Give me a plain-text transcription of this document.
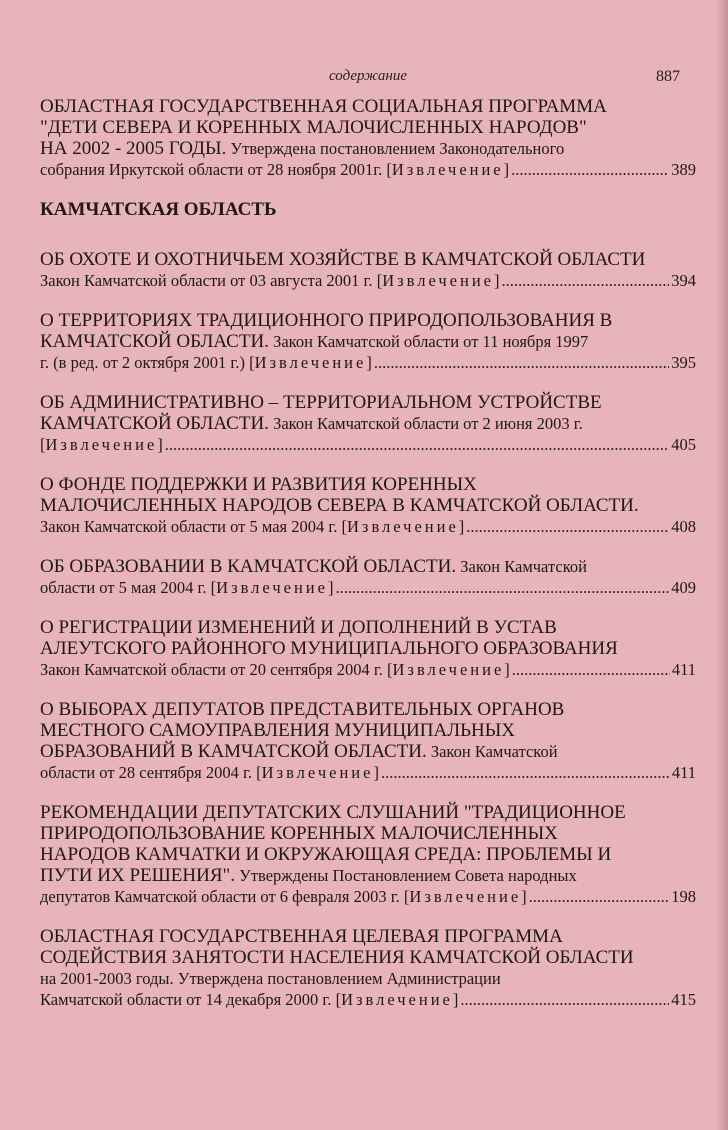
содержание	887
ОБЛАСТНАЯ ГОСУДАРСТВЕННАЯ СОЦИАЛЬНАЯ ПРОГРАММА
"ДЕТИ СЕВЕРА И КОРЕННЫХ МАЛОЧИСЛЕННЫХ НАРОДОВ"
НА 2002 - 2005 ГОДЫ. Утверждена постановлением Законодательного
собрания Иркутской области от 28 ноября 2001г. [Извлечение] .....	389
КАМЧАТСКАЯ ОБЛАСТЬ
ОБ ОХОТЕ И ОХОТНИЧЬЕМ ХОЗЯЙСТВЕ В КАМЧАТСКОЙ ОБЛАСТИ
Закон Камчатской области от 03 августа 2001 г. [Извлечение] .....	394
О ТЕРРИТОРИЯХ ТРАДИЦИОННОГО ПРИРОДОПОЛЬЗОВАНИЯ В
КАМЧАТСКОЙ ОБЛАСТИ. Закон Камчатской области от 11 ноября 1997
г. (в ред. от 2 октября 2001 г.) [Извлечение] .....	395
ОБ АДМИНИСТРАТИВНО – ТЕРРИТОРИАЛЬНОМ УСТРОЙСТВЕ
КАМЧАТСКОЙ ОБЛАСТИ. Закон Камчатской области от 2 июня 2003 г.
[Извлечение] .....	405
О ФОНДЕ ПОДДЕРЖКИ И РАЗВИТИЯ КОРЕННЫХ
МАЛОЧИСЛЕННЫХ НАРОДОВ СЕВЕРА В КАМЧАТСКОЙ ОБЛАСТИ.
Закон Камчатской области от 5 мая 2004 г. [Извлечение] .....	408
ОБ ОБРАЗОВАНИИ В КАМЧАТСКОЙ ОБЛАСТИ. Закон Камчатской
области от 5 мая 2004 г. [Извлечение] .....	409
О РЕГИСТРАЦИИ ИЗМЕНЕНИЙ И ДОПОЛНЕНИЙ В УСТАВ
АЛЕУТСКОГО РАЙОННОГО МУНИЦИПАЛЬНОГО ОБРАЗОВАНИЯ
Закон Камчатской области от 20 сентября 2004 г. [Извлечение] .....	411
О ВЫБОРАХ ДЕПУТАТОВ ПРЕДСТАВИТЕЛЬНЫХ ОРГАНОВ
МЕСТНОГО САМОУПРАВЛЕНИЯ МУНИЦИПАЛЬНЫХ
ОБРАЗОВАНИЙ В КАМЧАТСКОЙ ОБЛАСТИ. Закон Камчатской
области от 28 сентября 2004 г. [Извлечение] .....	411
РЕКОМЕНДАЦИИ ДЕПУТАТСКИХ СЛУШАНИЙ "ТРАДИЦИОННОЕ
ПРИРОДОПОЛЬЗОВАНИЕ КОРЕННЫХ МАЛОЧИСЛЕННЫХ
НАРОДОВ КАМЧАТКИ И ОКРУЖАЮЩАЯ СРЕДА: ПРОБЛЕМЫ И
ПУТИ ИХ РЕШЕНИЯ". Утверждены Постановлением Совета народных
депутатов Камчатской области от 6 февраля 2003 г. [Извлечение] .....	198
ОБЛАСТНАЯ ГОСУДАРСТВЕННАЯ ЦЕЛЕВАЯ ПРОГРАММА
СОДЕЙСТВИЯ ЗАНЯТОСТИ НАСЕЛЕНИЯ КАМЧАТСКОЙ ОБЛАСТИ
на 2001-2003 годы. Утверждена постановлением Администрации
Камчатской области от 14 декабря 2000 г. [Извлечение] .....	415
